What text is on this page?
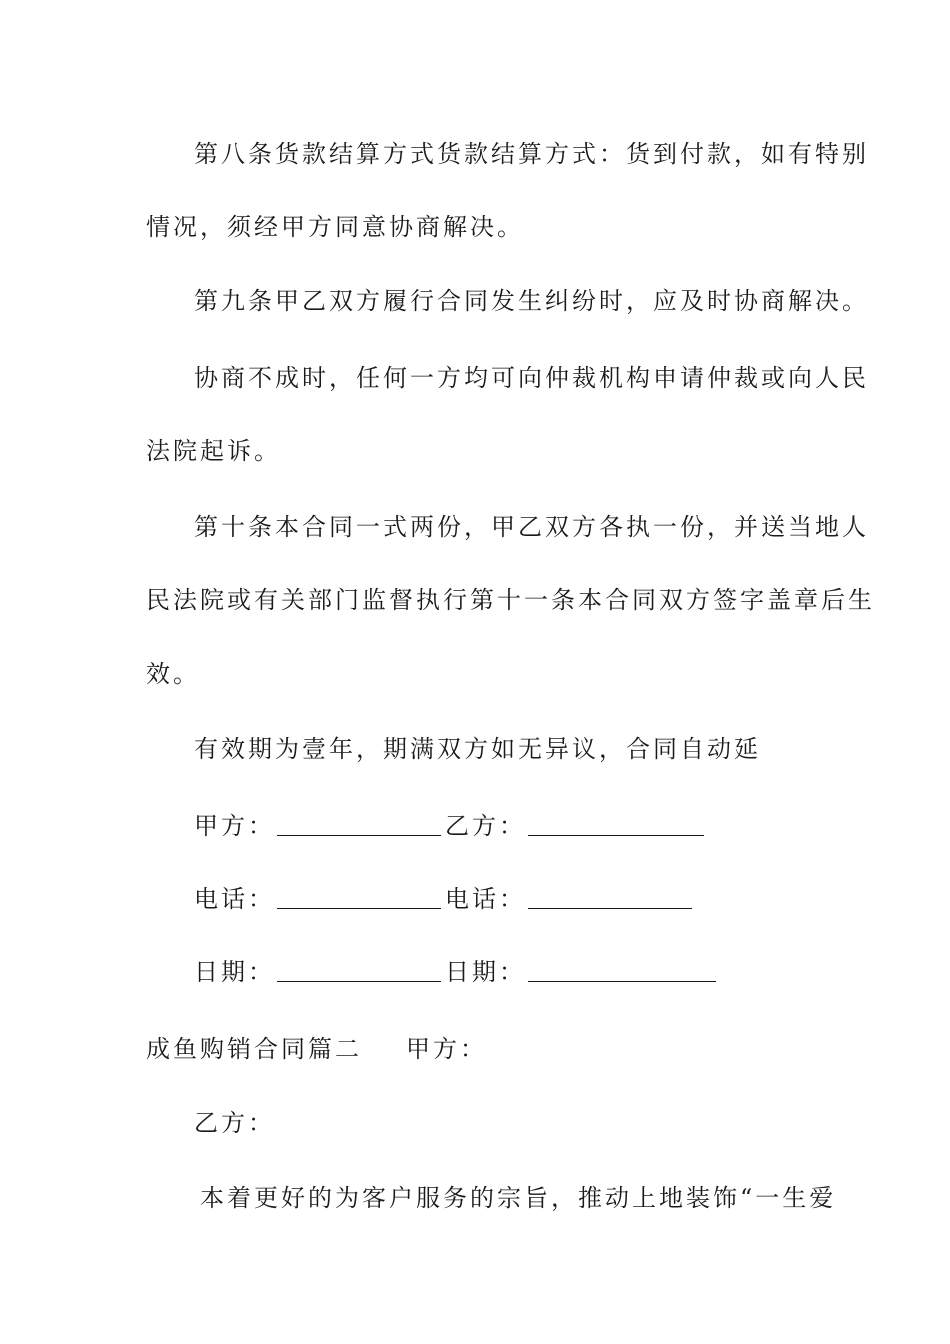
第八条货款结算方式货款结算方式：货到付款，如有特别
情况，须经甲方同意协商解决。
第九条甲乙双方履行合同发生纠纷时，应及时协商解决。
协商不成时，任何一方均可向仲裁机构申请仲裁或向人民
法院起诉。
第十条本合同一式两份，甲乙双方各执一份，并送当地人
民法院或有关部门监督执行第十一条本合同双方签字盖章后生
效。
有效期为壹年，期满双方如无异议，合同自动延
甲方：	乙方：
电话：	电话：
日期：	日期：
成鱼购销合同篇二 甲方：
乙方：
本着更好的为客户服务的宗旨，推动上地装饰“一生爱
